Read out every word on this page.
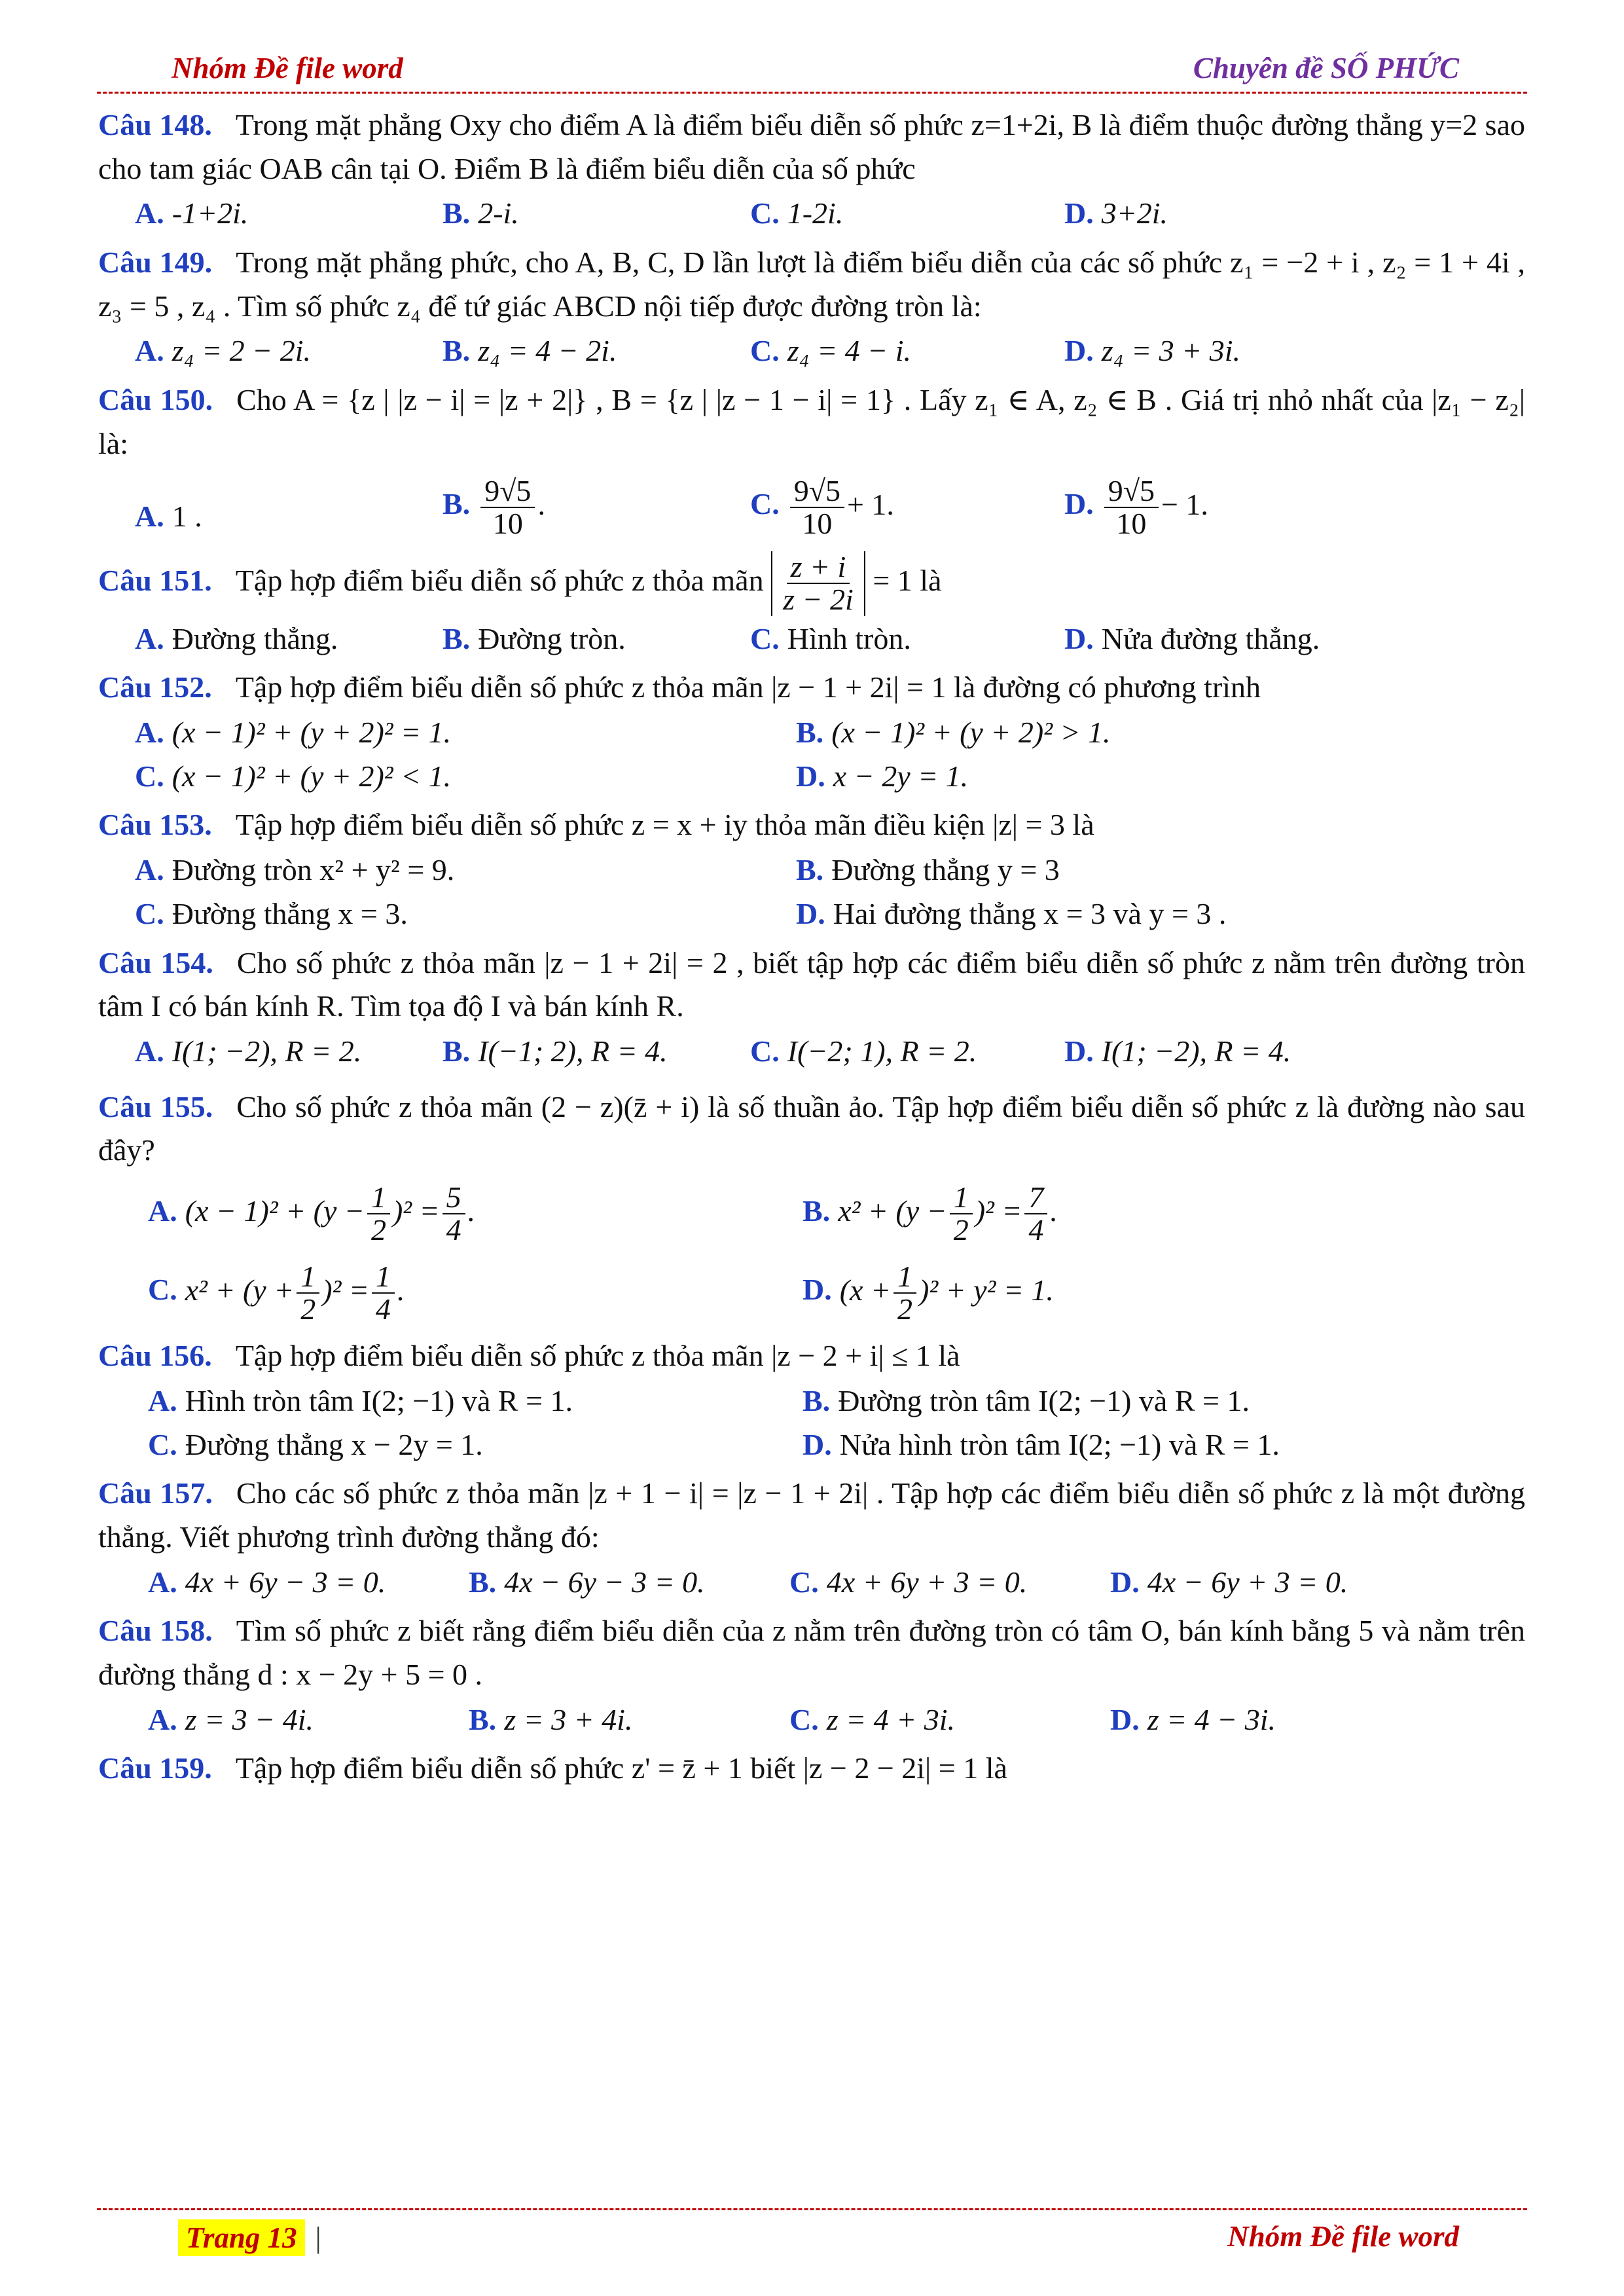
Nhóm Đề file word	Chuyên đề SỐ PHỨC
Câu 148. Trong mặt phẳng Oxy cho điểm A là điểm biểu diễn số phức z=1+2i, B là điểm thuộc đường thẳng y=2 sao cho tam giác OAB cân tại O. Điểm B là điểm biểu diễn của số phức
A. -1+2i.	B. 2-i.	C. 1-2i.	D. 3+2i.
Câu 149. Trong mặt phẳng phức, cho A, B, C, D lần lượt là điểm biểu diễn của các số phức z₁ = −2 + i , z₂ = 1 + 4i , z₃ = 5 , z₄ . Tìm số phức z₄ để tứ giác ABCD nội tiếp được đường tròn là:
A. z₄ = 2 − 2i.	B. z₄ = 4 − 2i.	C. z₄ = 4 − i.	D. z₄ = 3 + 3i.
Câu 150. Cho A = {z | |z − i| = |z + 2|} , B = {z | |z − 1 − i| = 1} . Lấy z₁ ∈ A, z₂ ∈ B . Giá trị nhỏ nhất của |z₁ − z₂| là:
A. 1 .	B. $\frac{9√5}{10}$ .	C. $\frac{9√5}{10} + 1$.	D. $\frac{9√5}{10} - 1$.
Câu 151. Tập hợp điểm biểu diễn số phức z thỏa mãn $\frac{z + i}{z - 2i} = 1$ là
A. Đường thẳng.	B. Đường tròn.	C. Hình tròn.	D. Nửa đường thẳng.
Câu 152. Tập hợp điểm biểu diễn số phức z thỏa mãn |z − 1 + 2i| = 1 là đường có phương trình
A. (x − 1)² + (y + 2)² = 1.	B. (x − 1)² + (y + 2)² > 1.
C. (x − 1)² + (y + 2)² < 1.	D. x − 2y = 1.
Câu 153. Tập hợp điểm biểu diễn số phức z = x + iy thỏa mãn điều kiện |z| = 3 là
A. Đường tròn x² + y² = 9.	B. Đường thẳng y = 3
C. Đường thẳng x = 3.	D. Hai đường thẳng x = 3 và y = 3 .
Câu 154. Cho số phức z thỏa mãn |z − 1 + 2i| = 2 , biết tập hợp các điểm biểu diễn số phức z nằm trên đường tròn tâm I có bán kính R. Tìm tọa độ I và bán kính R.
A. I(1; −2), R = 2.	B. I(−1; 2), R = 4.	C. I(−2; 1), R = 2.	D. I(1; −2), R = 4.
Câu 155. Cho số phức z thỏa mãn (2 − z)(z̄ + i) là số thuần ảo. Tập hợp điểm biểu diễn số phức z là đường nào sau đây?
A. $(x - 1)^2 + (y - \frac{1}{2} )^2 = \frac{5}{4}$ .	B. $x^2 + (y - \frac{1}{2} )^2 = \frac{7}{4}$ .
C. $x^2 + (y + \frac{1}{2} )^2 = \frac{1}{4}$ .	D. $(x + \frac{1}{2} )^2 + y^2 = 1$.
Câu 156. Tập hợp điểm biểu diễn số phức z thỏa mãn |z − 2 + i| ≤ 1 là
A. Hình tròn tâm I(2; −1) và R = 1.	B. Đường tròn tâm I(2; −1) và R = 1.
C. Đường thẳng x − 2y = 1.	D. Nửa hình tròn tâm I(2; −1) và R = 1.
Câu 157. Cho các số phức z thỏa mãn |z + 1 − i| = |z − 1 + 2i| . Tập hợp các điểm biểu diễn số phức z là một đường thẳng. Viết phương trình đường thẳng đó:
A. 4x + 6y − 3 = 0.	B. 4x − 6y − 3 = 0.	C. 4x + 6y + 3 = 0.	D. 4x − 6y + 3 = 0.
Câu 158. Tìm số phức z biết rằng điểm biểu diễn của z nằm trên đường tròn có tâm O, bán kính bằng 5 và nằm trên đường thẳng d : x − 2y + 5 = 0 .
A. z = 3 − 4i.	B. z = 3 + 4i.	C. z = 4 + 3i.	D. z = 4 − 3i.
Câu 159. Tập hợp điểm biểu diễn số phức z' = z̄ + 1 biết |z − 2 − 2i| = 1 là
Trang 13 |	Nhóm Đề file word
